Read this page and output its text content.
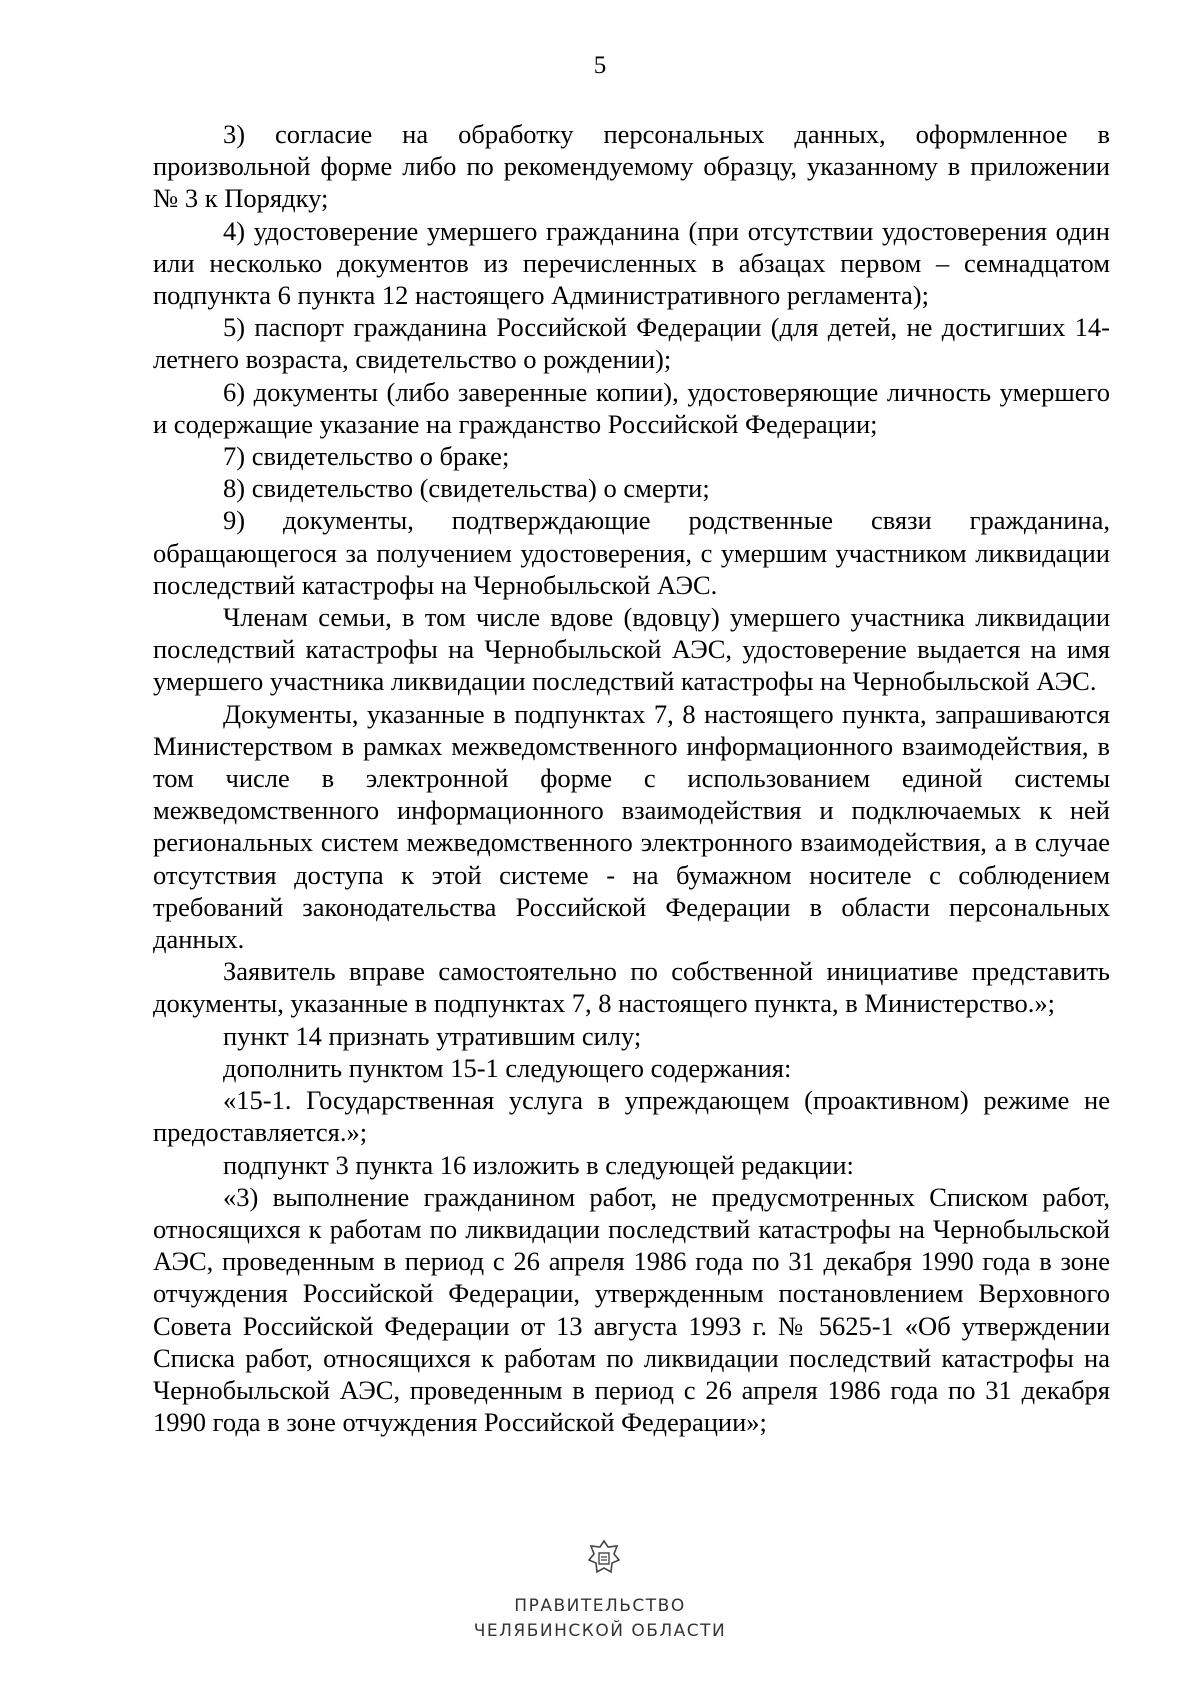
5

3) согласие на обработку персональных данных, оформленное в произвольной форме либо по рекомендуемому образцу, указанному в приложении № 3 к Порядку;

4) удостоверение умершего гражданина (при отсутствии удостоверения один или несколько документов из перечисленных в абзацах первом – семнадцатом подпункта 6 пункта 12 настоящего Административного регламента);

5) паспорт гражданина Российской Федерации (для детей, не достигших 14-летнего возраста, свидетельство о рождении);

6) документы (либо заверенные копии), удостоверяющие личность умершего и содержащие указание на гражданство Российской Федерации;

7) свидетельство о браке;

8) свидетельство (свидетельства) о смерти;

9) документы, подтверждающие родственные связи гражданина, обращающегося за получением удостоверения, с умершим участником ликвидации последствий катастрофы на Чернобыльской АЭС.

Членам семьи, в том числе вдове (вдовцу) умершего участника ликвидации последствий катастрофы на Чернобыльской АЭС, удостоверение выдается на имя умершего участника ликвидации последствий катастрофы на Чернобыльской АЭС.

Документы, указанные в подпунктах 7, 8 настоящего пункта, запрашиваются Министерством в рамках межведомственного информационного взаимодействия, в том числе в электронной форме с использованием единой системы межведомственного информационного взаимодействия и подключаемых к ней региональных систем межведомственного электронного взаимодействия, а в случае отсутствия доступа к этой системе - на бумажном носителе с соблюдением требований законодательства Российской Федерации в области персональных данных.

Заявитель вправе самостоятельно по собственной инициативе представить документы, указанные в подпунктах 7, 8 настоящего пункта, в Министерство.»;

пункт 14 признать утратившим силу;

дополнить пунктом 15-1 следующего содержания:

«15-1. Государственная услуга в упреждающем (проактивном) режиме не предоставляется.»;

подпункт 3 пункта 16 изложить в следующей редакции:

«3) выполнение гражданином работ, не предусмотренных Списком работ, относящихся к работам по ликвидации последствий катастрофы на Чернобыльской АЭС, проведенным в период с 26 апреля 1986 года по 31 декабря 1990 года в зоне отчуждения Российской Федерации, утвержденным постановлением Верховного Совета Российской Федерации от 13 августа 1993 г. № 5625-1 «Об утверждении Списка работ, относящихся к работам по ликвидации последствий катастрофы на Чернобыльской АЭС, проведенным в период с 26 апреля 1986 года по 31 декабря 1990 года в зоне отчуждения Российской Федерации»;

ПРАВИТЕЛЬСТВО
ЧЕЛЯБИНСКОЙ ОБЛАСТИ
